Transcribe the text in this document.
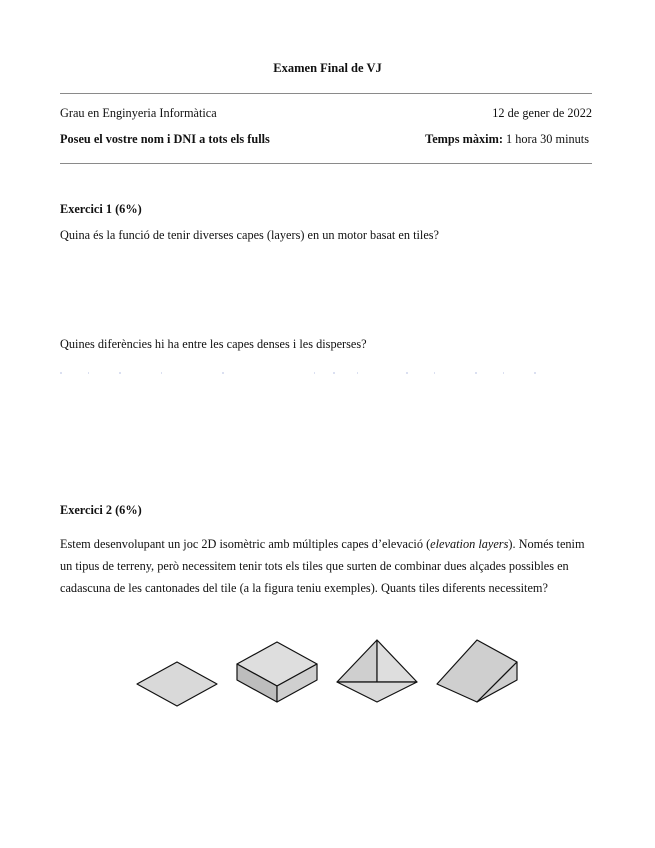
Examen Final de VJ
Grau en Enginyeria Informàtica	12 de gener de 2022
Poseu el vostre nom i DNI a tots els fulls	Temps màxim: 1 hora 30 minuts
Exercici 1 (6%)
Quina és la funció de tenir diverses capes (layers) en un motor basat en tiles?
Quines diferències hi ha entre les capes denses i les disperses?
Exercici 2 (6%)
Estem desenvolupant un joc 2D isomètric amb múltiples capes d’elevació (elevation layers). Només tenim un tipus de terreny, però necessitem tenir tots els tiles que surten de combinar dues alçades possibles en cadascuna de les cantonades del tile (a la figura teniu exemples). Quants tiles diferents necessitem?
